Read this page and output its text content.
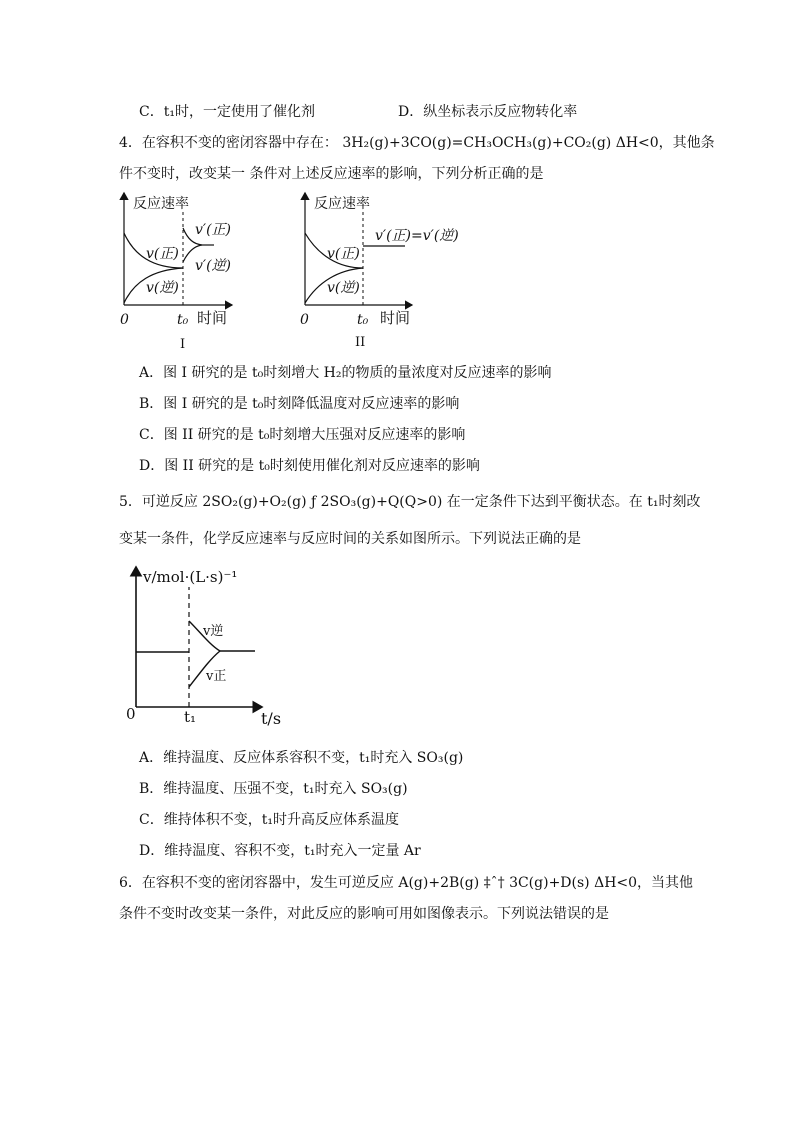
C．t₁时，一定使用了催化剂	D．纵坐标表示反应物转化率
4．在容积不变的密闭容器中存在： 3H₂(g)+3CO(g)=CH₃OCH₃(g)+CO₂(g) ΔH<0，其他条
件不变时，改变某一 条件对上述反应速率的影响，下列分析正确的是
反应速率
v(正)
v(逆)
v′(正)
v′(逆)
0	t₀ 时间
I
反应速率
v(正)
v(逆)
v′(正)=v′(逆)
0	t₀ 时间
II
A．图 I 研究的是 t₀时刻增大 H₂的物质的量浓度对反应速率的影响
B．图 I 研究的是 t₀时刻降低温度对反应速率的影响
C．图 II 研究的是 t₀时刻增大压强对反应速率的影响
D．图 II 研究的是 t₀时刻使用催化剂对反应速率的影响
5．可逆反应 2SO₂(g)+O₂(g) ƒ 2SO₃(g)+Q(Q>0) 在一定条件下达到平衡状态。在 t₁时刻改
变某一条件，化学反应速率与反应时间的关系如图所示。下列说法正确的是
v/mol·(L·s)⁻¹
v逆
v正
0	t₁	t/s
A．维持温度、反应体系容积不变，t₁时充入 SO₃(g)
B．维持温度、压强不变，t₁时充入 SO₃(g)
C．维持体积不变，t₁时升高反应体系温度
D．维持温度、容积不变，t₁时充入一定量 Ar
6．在容积不变的密闭容器中，发生可逆反应 A(g)+2B(g) ‡ˆ† 3C(g)+D(s) ΔH<0，当其他
条件不变时改变某一条件，对此反应的影响可用如图像表示。下列说法错误的是
